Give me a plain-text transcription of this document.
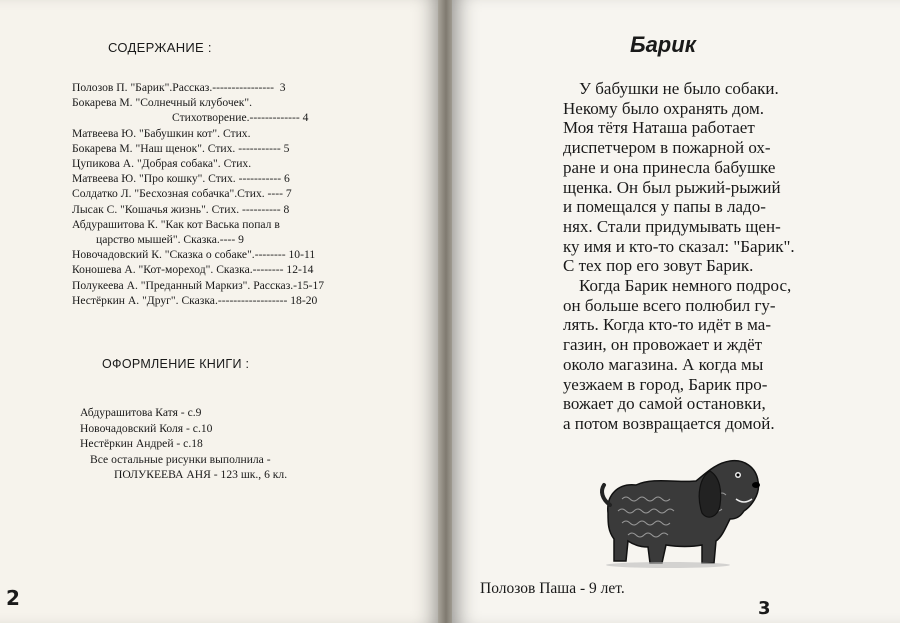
СОДЕРЖАНИЕ :
Полозов П. "Барик".Рассказ.----------------  3
Бокарева М. "Солнечный клубочек".
Стихотворение.------------- 4
Матвеева Ю. "Бабушкин кот". Стих.
Бокарева М. "Наш щенок". Стих. ----------- 5
Цупикова А. "Добрая собака". Стих.
Матвеева Ю. "Про кошку". Стих. ----------- 6
Солдатко Л. "Бесхозная собачка".Стих. ---- 7
Лысак С. "Кошачья жизнь". Стих. ---------- 8
Абдурашитова К. "Как кот Васька попал в
царство мышей". Сказка.---- 9
Новочадовский К. "Сказка о собаке".-------- 10-11
Коношева А. "Кот-мореход". Сказка.-------- 12-14
Полукеева А. "Преданный Маркиз". Рассказ.-15-17
Нестёркин А. "Друг". Сказка.------------------ 18-20
ОФОРМЛЕНИЕ КНИГИ :
Абдурашитова Катя - с.9
Новочадовский Коля - с.10
Нестёркин Андрей - с.18
Все остальные рисунки выполнила -
ПОЛУКЕЕВА АНЯ - 123 шк., 6 кл.
2
Барик
У бабушки не было собаки.
Некому было охранять дом.
Моя тётя Наташа работает
диспетчером в пожарной ох-
ране и она принесла бабушке
щенка. Он был рыжий-рыжий
и помещался у папы в ладо-
нях. Стали придумывать щен-
ку имя и кто-то сказал: "Барик".
С тех пор его зовут Барик.
Когда Барик немного подрос,
он больше всего полюбил гу-
лять. Когда кто-то идёт в ма-
газин, он провожает и ждёт
около магазина. А когда мы
уезжаем в город, Барик про-
вожает до самой остановки,
а потом возвращается домой.
Полозов Паша - 9 лет.
3
